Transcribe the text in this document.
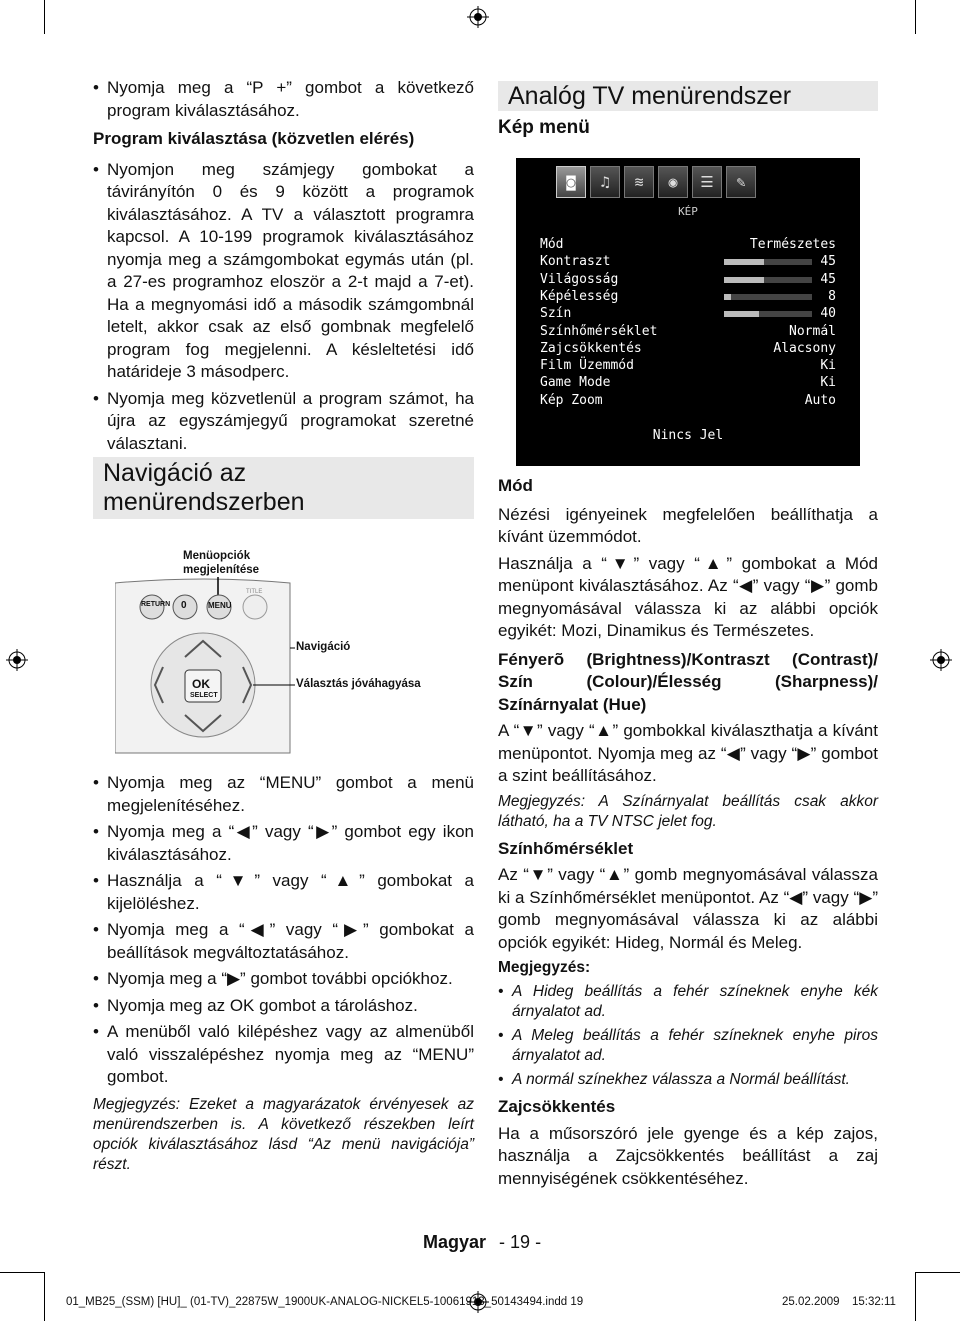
• Nyomja meg a “P +” gombot a következő program kiválasztásához.

Program kiválasztása (közvetlen elérés)

• Nyomjon meg számjegy gombokat a távirányítón 0 és 9 között a programok kiválasztásához. A TV a választott programra kapcsol. A 10-199 programok kiválasztásához nyomja meg a számgombokat egymás után (pl. a 27-es programhoz eloször a 2-t majd a 7-et). Ha a megnyomási idő a második számgombnál letelt, akkor csak az első gombnak megfelelő program fog megjelenni. A késleltetési idő határideje 3 másodperc.

• Nyomja meg közvetlenül a program számot, ha újra az egyszámjegyű programokat szeretné választani.

Navigáció az
menürendszerben
Menüopciók
megjelenítése
RETURN 0	MENU
TITLE
OK
SELECT
Navigáció
Választás jóváhagyása

• Nyomja meg az “MENU” gombot a menü megjelenítéséhez.

• Nyomja meg a “◀” vagy “▶” gombot egy ikon kiválasztásához.

• Használja a “▼” vagy “▲” gombokat a kijelöléshez.

• Nyomja meg a “◀” vagy “▶” gombokat a beállítások megváltoztatásához.

• Nyomja meg a “▶” gombot további opciókhoz.

• Nyomja meg az OK gombot a tároláshoz.

• A menüből való kilépéshez vagy az almenüből való visszalépéshez nyomja meg az “MENU” gombot.

Megjegyzés: Ezeket a magyarázatok érvényesek az menürendszerben is. A következő részekben leírt opciók kiválasztásához lásd “Az menü navigációja” részt.

Analóg TV menürendszer
Kép menü
◙	♫	≋	◉	☰	✎
KÉP
Mód	Természetes
Kontraszt	45
Világosság	45
Képélesség	8
Szín	40
Színhőmérséklet	Normál
Zajcsökkentés	Alacsony
Film Üzemmód	Ki
Game Mode	Ki
Kép Zoom	Auto
Nincs Jel

Mód

Nézési igényeinek megfelelően beállíthatja a kívánt üzemmódot.

Használja a “▼” vagy “▲” gombokat a Mód menüpont kiválasztásához. Az “◀” vagy “▶” gomb megnyomásával válassza ki az alábbi opciók egyikét: Mozi, Dinamikus és Természetes.

Fényerõ (Brightness)/Kontraszt (Contrast)/ Szín (Colour)/Élesség (Sharpness)/ Színárnyalat (Hue)

A “▼” vagy “▲” gombokkal kiválaszthatja a kívánt menüpontot. Nyomja meg az “◀” vagy “▶” gombot a szint beállításához.

Megjegyzés: A Színárnyalat beállítás csak akkor látható, ha a TV NTSC jelet fog.

Színhőmérséklet

Az “▼” vagy “▲” gomb megnyomásával válassza ki a Színhőmérséklet menüpontot. Az “◀” vagy “▶” gomb megnyomásával válassza ki az alábbi opciók egyikét: Hideg, Normál és Meleg.

Megjegyzés:

• A Hideg beállítás a fehér színeknek enyhe kék árnyalatot ad.

• A Meleg beállítás a fehér színeknek enyhe piros árnyalatot ad.

• A normál színekhez válassza a Normál beállítást.

Zajcsökkentés

Ha a műsorszóró jele gyenge és a kép zajos, használja a Zajcsökkentés beállítást a zaj mennyiségének csökkentéséhez.

Magyar - 19 -
01_MB25_(SSM) [HU]_ (01-TV)_22875W_1900UK-ANALOG-NICKEL5-10061913_50143494.indd 19	25.02.2009 15:32:11
